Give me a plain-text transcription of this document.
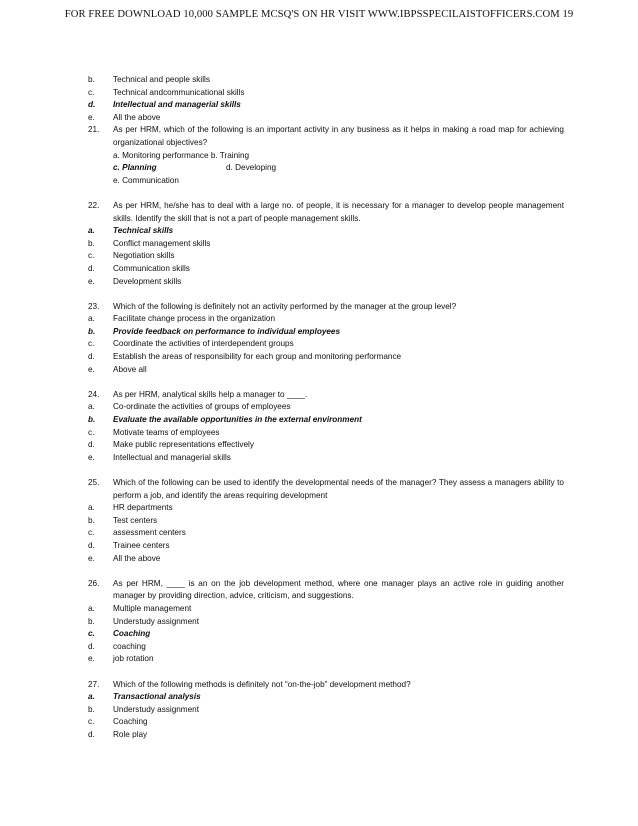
FOR FREE DOWNLOAD 10,000 SAMPLE MCSQ'S ON HR VISIT WWW.IBPSSPECILAISTOFFICERS.COM 19
b. Technical and people skills
c. Technical andcommunicational skills
d. Intellectual and managerial skills
e. All the above
21. As per HRM, which of the following is an important activity in any business as it helps in making a road map for achieving organizational objectives?
a. Monitoring performance b. Training
c. Planning	d. Developing
e. Communication
22. As per HRM, he/she has to deal with a large no. of people, it is necessary for a manager to develop people management skills. Identify the skill that is not a part of people management skills.
a. Technical skills
b. Conflict management skills
c. Negotiation skills
d. Communication skills
e. Development skills
23. Which of the following is definitely not an activity performed by the manager at the group level?
a. Facilitate change process in the organization
b. Provide feedback on performance to individual employees
c. Coordinate the activities of interdependent groups
d. Establish the areas of responsibility for each group and monitoring performance
e. Above all
24. As per HRM, analytical skills help a manager to ____.
a. Co-ordinate the activities of groups of employees
b. Evaluate the available opportunities in the external environment
c. Motivate teams of employees
d. Make public representations effectively
e. Intellectual and managerial skills
25. Which of the following can be used to identify the developmental needs of the manager? They assess a managers ability to perform a job, and identify the areas requiring development
a. HR departments
b. Test centers
c. assessment centers
d. Trainee centers
e. All the above
26. As per HRM, ____ is an on the job development method, where one manager plays an active role in guiding another manager by providing direction, advice, criticism, and suggestions.
a. Multiple management
b. Understudy assignment
c. Coaching
d. coaching
e. job rotation
27. Which of the following methods is definitely not “on-the-job” development method?
a. Transactional analysis
b. Understudy assignment
c. Coaching
d. Role play
